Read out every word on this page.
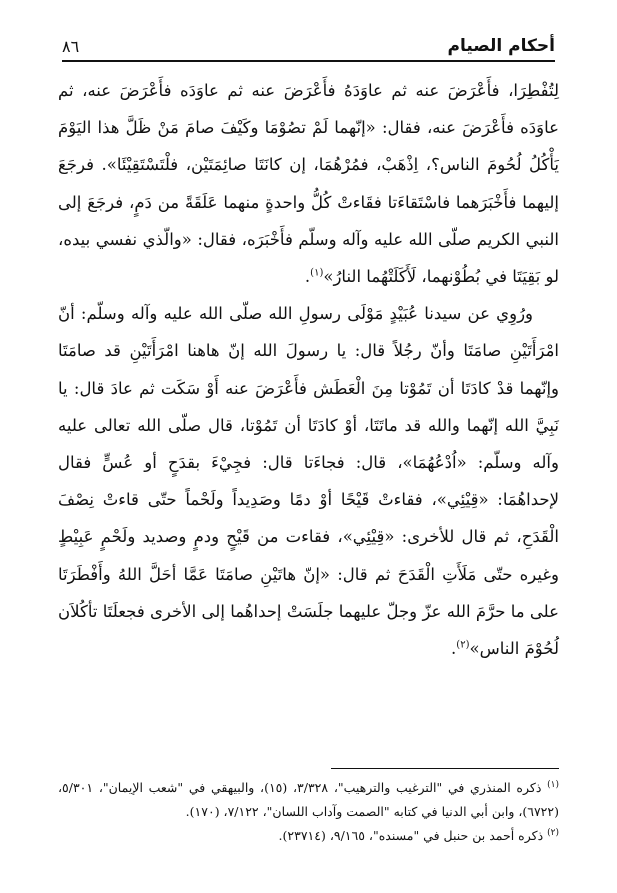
أحكام الصيام
٨٦

لِتُفْطِرَا، فأَعْرَضَ عنه ثم عاوَدَهُ فأَعْرَضَ عنه ثم عاوَدَه فأَعْرَضَ عنه، ثم عاوَدَه فأَعْرَضَ عنه، فقال: «إنّهما لَمْ تصُوْمَا وكَيْفَ صامَ مَنْ ظَلَّ هذا اليَوْمَ يَأْكُلُ لُحُومَ الناس؟، اِذْهَبْ، فمُرْهُمَا، إن كانَتَا صائِمَتَيْن، فلْتَسْتَقِيْئَا». فرجَعَ إليهما فأَخْبَرَهما فاسْتَقاءَتا فقَاءتْ كُلُّ واحدةٍ منهما عَلَقَةً من دَمٍ، فرجَعَ إلى النبي الكريم صلّى الله عليه وآله وسلّم فأَخْبَرَه، فقال: «والّذي نفسي بيده، لو بَقِيَتَا في بُطُوْنهما، لَأَكَلَتْهُما النارُ»$^{(١)}$.

ورُوِي عن سيدنا عُبَيْدٍ مَوْلَى رسولِ الله صلّى الله عليه وآله وسلّم: أنّ امْرَأَتَيْنِ صامَتَا وأنّ رجُلاً قال: يا رسولَ الله إنّ هاهنا امْرَأَتَيْنِ قد صامَتَا وإنّهما قدْ كادَتَا أن تَمُوْتا مِنَ الْعَطَش فأَعْرَضَ عنه أَوْ سَكَت ثم عادَ قال: يا نَبِيَّ الله إنّهما والله قد ماتَتَا، أوْ كادَتَا أن تَمُوْتا، قال صلّى الله تعالى عليه وآله وسلّم: «اُدْعُهُمَا»، قال: فجاءَتا قال: فجِيْءَ بقدَحٍ أو عُسٍّ فقال لإحداهُمَا: «قِيْئِي»، فقاءتْ قَيْحًا أوْ دمًا وصَدِيداً ولَحْماً حتّى قاءتْ نِصْفَ الْقَدَحِ، ثم قال للأخرى: «قِيْئِي»، فقاءت من قَيْحٍ ودمٍ وصديد ولَحْمٍ عَبِيْطٍ وغيره حتّى مَلَأَتِ الْقَدَحَ ثم قال: «إنّ هاتَيْنِ صامَتَا عَمَّا أحَلَّ اللهُ وأَفْطَرَتَا على ما حرَّمَ الله عزّ وجلّ عليهما جلَسَتْ إحداهُما إلى الأخرى فجعلَتَا تأكُلاَن لُحُوْمَ الناس»$^{(٢)}$.

$^{(١)}$ ذكره المنذري في "الترغيب والترهيب"، ٣/٣٢٨، (١٥)، والبيهقي في "شعب الإيمان"، ٥/٣٠١، (٦٧٢٢)، وابن أبي الدنيا في كتابه "الصمت وآداب اللسان"، ٧/١٢٢، (١٧٠).

$^{(٢)}$ ذكره أحمد بن حنبل في "مسنده"، ٩/١٦٥، (٢٣٧١٤).
